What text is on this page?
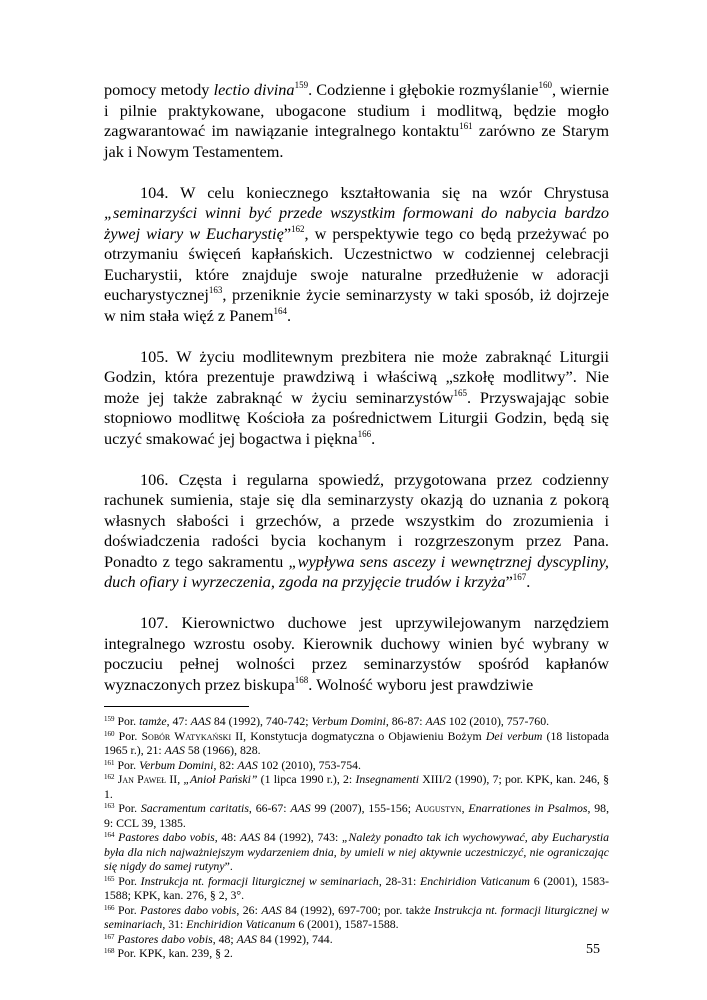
pomocy metody lectio divina$^{159}$. Codzienne i głębokie rozmyślanie$^{160}$, wiernie i pilnie praktykowane, ubogacone studium i modlitwą, będzie mogło zagwarantować im nawiązanie integralnego kontaktu$^{161}$ zarówno ze Starym jak i Nowym Testamentem.

104. W celu koniecznego kształtowania się na wzór Chrystusa „seminarzyści winni być przede wszystkim formowani do nabycia bardzo żywej wiary w Eucharystię”$^{162}$, w perspektywie tego co będą przeżywać po otrzymaniu święceń kapłańskich. Uczestnictwo w codziennej celebracji Eucharystii, które znajduje swoje naturalne przedłużenie w adoracji eucharystycznej$^{163}$, przeniknie życie seminarzysty w taki sposób, iż dojrzeje w nim stała więź z Panem$^{164}$.

105. W życiu modlitewnym prezbitera nie może zabraknąć Liturgii Godzin, która prezentuje prawdziwą i właściwą „szkołę modlitwy”. Nie może jej także zabraknąć w życiu seminarzystów$^{165}$. Przyswajając sobie stopniowo modlitwę Kościoła za pośrednictwem Liturgii Godzin, będą się uczyć smakować jej bogactwa i piękna$^{166}$.

106. Częsta i regularna spowiedź, przygotowana przez codzienny rachunek sumienia, staje się dla seminarzysty okazją do uznania z pokorą własnych słabości i grzechów, a przede wszystkim do zrozumienia i doświadczenia radości bycia kochanym i rozgrzeszonym przez Pana. Ponadto z tego sakramentu „wypływa sens ascezy i wewnętrznej dyscypliny, duch ofiary i wyrzeczenia, zgoda na przyjęcie trudów i krzyża”$^{167}$.

107. Kierownictwo duchowe jest uprzywilejowanym narzędziem integralnego wzrostu osoby. Kierownik duchowy winien być wybrany w poczuciu pełnej wolności przez seminarzystów spośród kapłanów wyznaczonych przez biskupa$^{168}$. Wolność wyboru jest prawdziwie

$^{159}$ Por. tamże, 47: AAS 84 (1992), 740-742; Verbum Domini, 86-87: AAS 102 (2010), 757-760.

$^{160}$ Por. Sobór Watykański II, Konstytucja dogmatyczna o Objawieniu Bożym Dei verbum (18 listopada 1965 r.), 21: AAS 58 (1966), 828.

$^{161}$ Por. Verbum Domini, 82: AAS 102 (2010), 753-754.

$^{162}$ Jan Paweł II, „Anioł Pański” (1 lipca 1990 r.), 2: Insegnamenti XIII/2 (1990), 7; por. KPK, kan. 246, § 1.

$^{163}$ Por. Sacramentum caritatis, 66-67: AAS 99 (2007), 155-156; Augustyn, Enarrationes in Psalmos, 98, 9: CCL 39, 1385.

$^{164}$ Pastores dabo vobis, 48: AAS 84 (1992), 743: „Należy ponadto tak ich wychowywać, aby Eucharystia była dla nich najważniejszym wydarzeniem dnia, by umieli w niej aktywnie uczestniczyć, nie ograniczając się nigdy do samej rutyny”.

$^{165}$ Por. Instrukcja nt. formacji liturgicznej w seminariach, 28-31: Enchiridion Vaticanum 6 (2001), 1583-1588; KPK, kan. 276, § 2, 3°.

$^{166}$ Por. Pastores dabo vobis, 26: AAS 84 (1992), 697-700; por. także Instrukcja nt. formacji liturgicznej w seminariach, 31: Enchiridion Vaticanum 6 (2001), 1587-1588.

$^{167}$ Pastores dabo vobis, 48; AAS 84 (1992), 744.

$^{168}$ Por. KPK, kan. 239, § 2.	55
